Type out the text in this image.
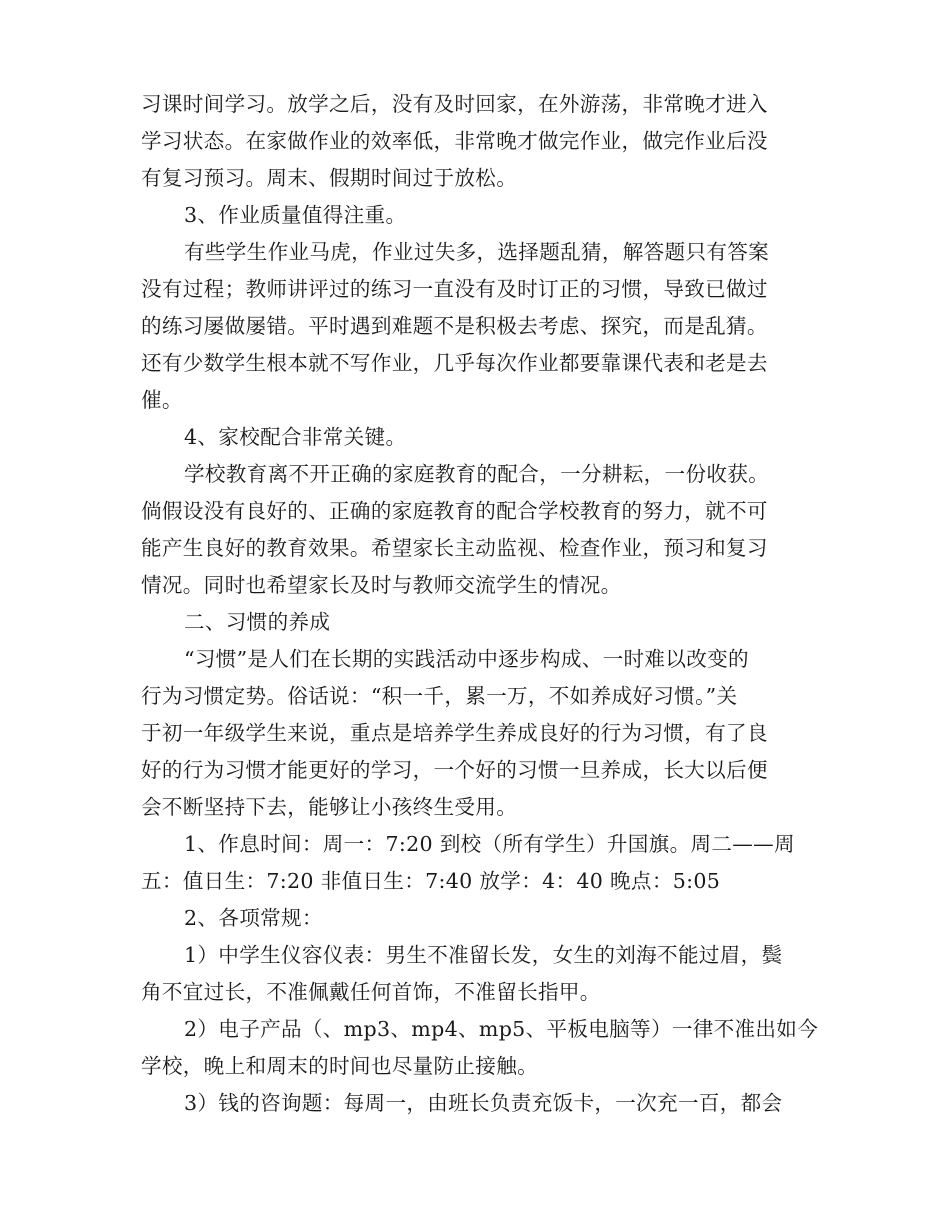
习课时间学习。放学之后，没有及时回家，在外游荡，非常晚才进入
学习状态。在家做作业的效率低，非常晚才做完作业，做完作业后没
有复习预习。周末、假期时间过于放松。
3、作业质量值得注重。
有些学生作业马虎，作业过失多，选择题乱猜，解答题只有答案
没有过程；教师讲评过的练习一直没有及时订正的习惯，导致已做过
的练习屡做屡错。平时遇到难题不是积极去考虑、探究，而是乱猜。
还有少数学生根本就不写作业，几乎每次作业都要靠课代表和老是去
催。
4、家校配合非常关键。
学校教育离不开正确的家庭教育的配合，一分耕耘，一份收获。
倘假设没有良好的、正确的家庭教育的配合学校教育的努力，就不可
能产生良好的教育效果。希望家长主动监视、检查作业，预习和复习
情况。同时也希望家长及时与教师交流学生的情况。
二、习惯的养成
“习惯”是人们在长期的实践活动中逐步构成、一时难以改变的
行为习惯定势。俗话说：“积一千，累一万，不如养成好习惯。”关
于初一年级学生来说，重点是培养学生养成良好的行为习惯，有了良
好的行为习惯才能更好的学习，一个好的习惯一旦养成，长大以后便
会不断坚持下去，能够让小孩终生受用。
1、作息时间：周一：7:20 到校（所有学生）升国旗。周二——周
五：值日生：7:20 非值日生：7:40 放学：4：40 晚点：5:05
2、各项常规：
1）中学生仪容仪表：男生不准留长发，女生的刘海不能过眉，鬓
角不宜过长，不准佩戴任何首饰，不准留长指甲。
2）电子产品（、mp3、mp4、mp5、平板电脑等）一律不准出如今
学校，晚上和周末的时间也尽量防止接触。
3）钱的咨询题：每周一，由班长负责充饭卡，一次充一百，都会
